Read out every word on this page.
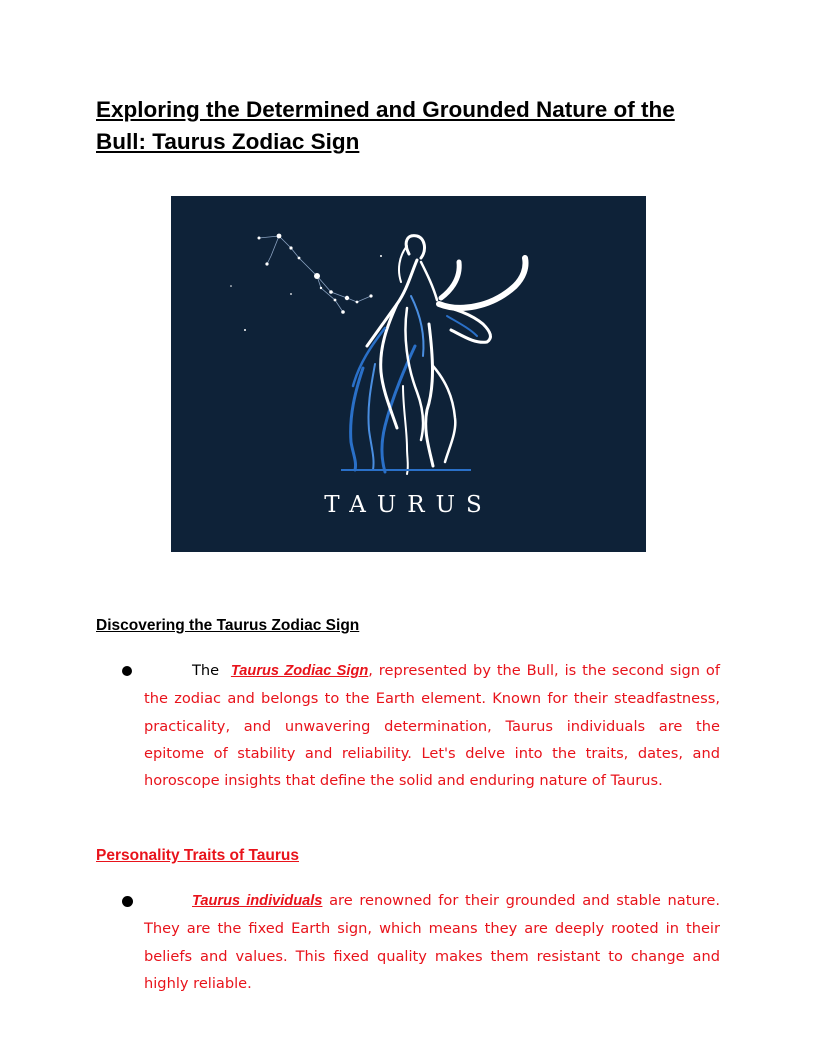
Exploring the Determined and Grounded Nature of the Bull: Taurus Zodiac Sign
TAURUS
Discovering the Taurus Zodiac Sign

The Taurus Zodiac Sign, represented by the Bull, is the second sign of the zodiac and belongs to the Earth element. Known for their steadfastness, practicality, and unwavering determination, Taurus individuals are the epitome of stability and reliability. Let's delve into the traits, dates, and horoscope insights that define the solid and enduring nature of Taurus.

Personality Traits of Taurus

Taurus individuals are renowned for their grounded and stable nature. They are the fixed Earth sign, which means they are deeply rooted in their beliefs and values. This fixed quality makes them resistant to change and highly reliable.
